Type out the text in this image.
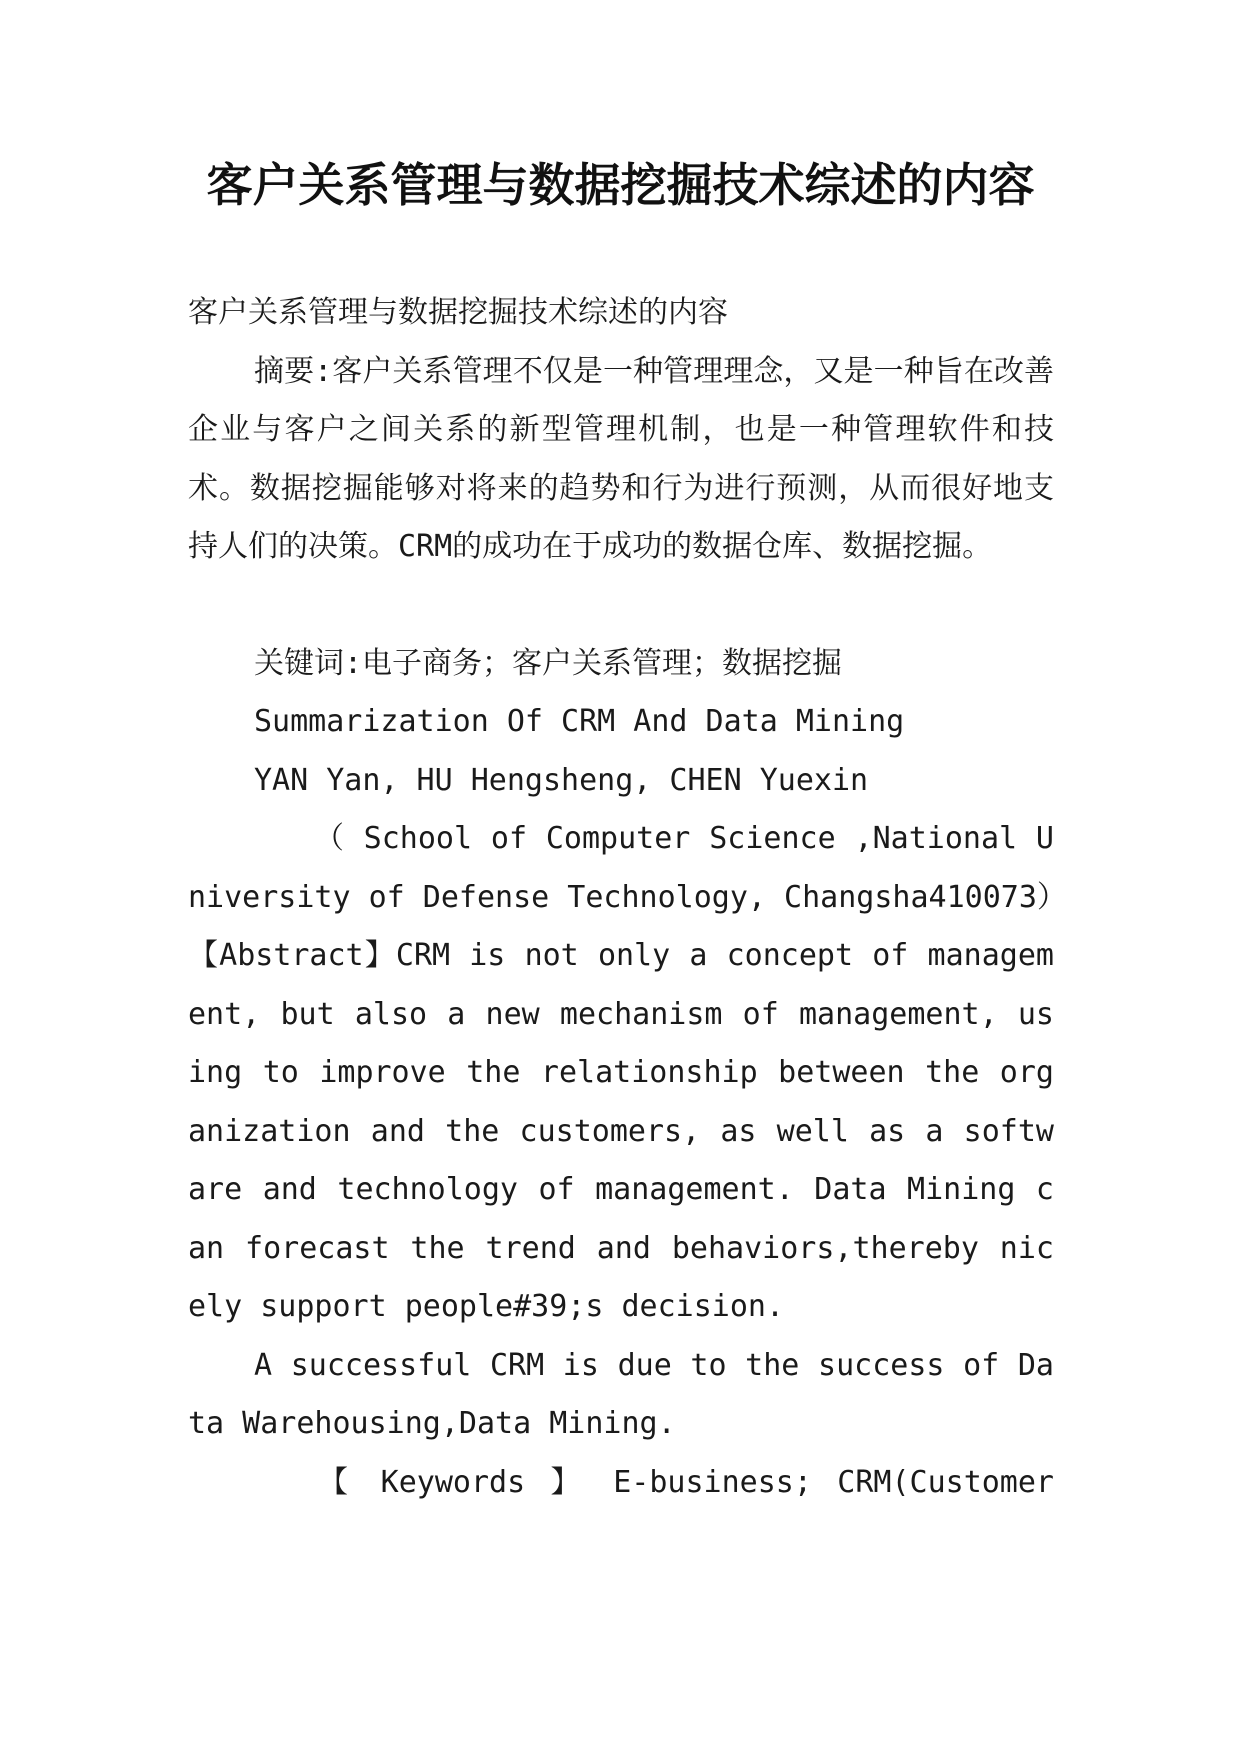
客户关系管理与数据挖掘技术综述的内容

客户关系管理与数据挖掘技术综述的内容

摘要:客户关系管理不仅是一种管理理念，又是一种旨在改善企业与客户之间关系的新型管理机制，也是一种管理软件和技术。数据挖掘能够对将来的趋势和行为进行预测，从而很好地支持人们的决策。CRM的成功在于成功的数据仓库、数据挖掘。

关键词:电子商务；客户关系管理；数据挖掘

Summarization Of CRM And Data Mining

YAN Yan, HU Hengsheng, CHEN Yuexin

（ School of Computer Science ,National University of Defense Technology, Changsha410073）

【Abstract】CRM is not only a concept of management, but also a new mechanism of management, using to improve the relationship between the organization and the customers, as well as a software and technology of management. Data Mining can forecast the trend and behaviors,thereby nicely support people#39;s decision.

A successful CRM is due to the success of Data Warehousing,Data Mining.

【 Keywords 】 E-business; CRM(Customer
